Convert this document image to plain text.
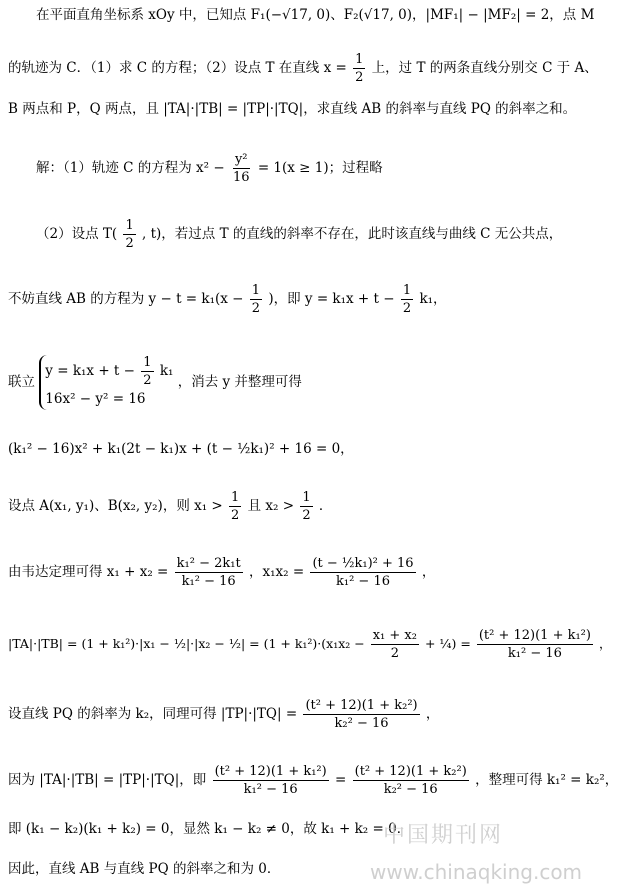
在平面直角坐标系 xOy 中，已知点 F₁(−√17, 0)、F₂(√17, 0)，|MF₁| − |MF₂| = 2，点 M
的轨迹为 C．（1）求 C 的方程；（2）设点 T 在直线 $x = \frac{1}{2}$ 上，过 T 的两条直线分别交 C 于 A、
B 两点和 P，Q 两点，且 |TA|·|TB| = |TP|·|TQ|，求直线 AB 的斜率与直线 PQ 的斜率之和。
解：（1）轨迹 C 的方程为 $x^2 - \frac{\text{y²}}{16} = 1(x \ge 1)$；过程略
（2）设点 $T( \frac{1}{2}$ , t)，若过点 T 的直线的斜率不存在，此时该直线与曲线 C 无公共点，
不妨直线 AB 的方程为 $y - t = k_1(x - \frac{1}{2}$ )，即 $y = k_1x + t - \frac{1}{2} k_1$，
联立
$y = k_1x + t - \frac{1}{2} k_1$
16x² − y² = 16
，消去 y 并整理可得
(k₁² − 16)x² + k₁(2t − k₁)x + (t − ½k₁)² + 16 = 0，
设点 A(x₁, y₁)、B(x₂, y₂)，则 $x_1 > \frac{1}{2}$ 且 $x_2 > \frac{1}{2}$ ．
由韦达定理可得 $x_1 + x_2 = \frac{\text{k₁² − 2k₁t}}{\text{k₁² − 16}}$ ，$x_1x_2 = \frac{\text{(t − ½k₁)² + 16}}{\text{k₁² − 16}}$ ，
|TA|·|TB| = (1 + k₁²)·|x₁ − ½|·|x₂ − ½| = $(1 + k_1^2)\cdot(x_1x_2 - \frac{\text{x₁ + x₂}}{2}$ + ¼) = $\frac{\text{(t² + 12)(1 + k₁²)}}{\text{k₁² − 16}}$ ，
设直线 PQ 的斜率为 k₂，同理可得 $|TP|\cdot|TQ| = \frac{\text{(t² + 12)(1 + k₂²)}}{\text{k₂² − 16}}$ ，
因为 |TA|·|TB| = |TP|·|TQ|，即 $\frac{\text{(t² + 12)(1 + k₁²)}}{\text{k₁² − 16}} = \frac{\text{(t² + 12)(1 + k₂²)}}{\text{k₂² − 16}}$ ，整理可得 k₁² = k₂²，
即 (k₁ − k₂)(k₁ + k₂) = 0，显然 k₁ − k₂ ≠ 0，故 k₁ + k₂ = 0．
因此，直线 AB 与直线 PQ 的斜率之和为 0．
中国期刊网
www.chinaqking.com
